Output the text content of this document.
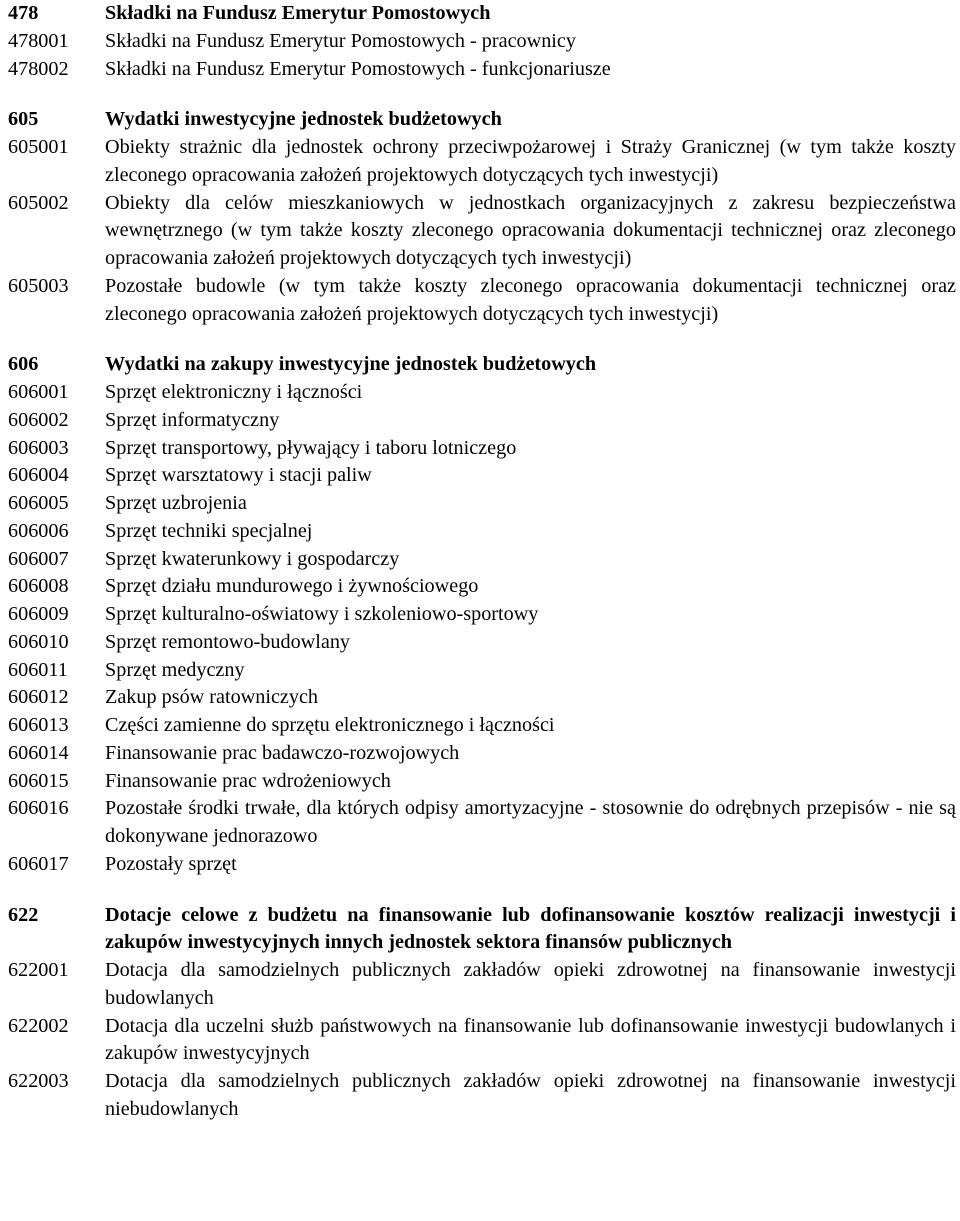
478	Składki na Fundusz Emerytur Pomostowych
478001	Składki na Fundusz Emerytur Pomostowych - pracownicy
478002	Składki na Fundusz Emerytur Pomostowych - funkcjonariusze
605	Wydatki inwestycyjne jednostek budżetowych
605001	Obiekty strażnic dla jednostek ochrony przeciwpożarowej i Straży Granicznej (w tym także koszty zleconego opracowania założeń projektowych dotyczących tych inwestycji)
605002	Obiekty dla celów mieszkaniowych w jednostkach organizacyjnych z zakresu bezpieczeństwa wewnętrznego (w tym także koszty zleconego opracowania dokumentacji technicznej oraz zleconego opracowania założeń projektowych dotyczących tych inwestycji)
605003	Pozostałe budowle (w tym także koszty zleconego opracowania dokumentacji technicznej oraz zleconego opracowania założeń projektowych dotyczących tych inwestycji)
606	Wydatki na zakupy inwestycyjne jednostek budżetowych
606001	Sprzęt elektroniczny i łączności
606002	Sprzęt informatyczny
606003	Sprzęt transportowy, pływający i taboru lotniczego
606004	Sprzęt warsztatowy i stacji paliw
606005	Sprzęt uzbrojenia
606006	Sprzęt techniki specjalnej
606007	Sprzęt kwaterunkowy i gospodarczy
606008	Sprzęt działu mundurowego i żywnościowego
606009	Sprzęt kulturalno-oświatowy i szkoleniowo-sportowy
606010	Sprzęt remontowo-budowlany
606011	Sprzęt medyczny
606012	Zakup psów ratowniczych
606013	Części zamienne do sprzętu elektronicznego i łączności
606014	Finansowanie prac badawczo-rozwojowych
606015	Finansowanie prac wdrożeniowych
606016	Pozostałe środki trwałe, dla których odpisy amortyzacyjne - stosownie do odrębnych przepisów - nie są dokonywane jednorazowo
606017	Pozostały sprzęt
622	Dotacje celowe z budżetu na finansowanie lub dofinansowanie kosztów realizacji inwestycji i zakupów inwestycyjnych innych jednostek sektora finansów publicznych
622001	Dotacja dla samodzielnych publicznych zakładów opieki zdrowotnej na finansowanie inwestycji budowlanych
622002	Dotacja dla uczelni służb państwowych na finansowanie lub dofinansowanie inwestycji budowlanych i zakupów inwestycyjnych
622003	Dotacja dla samodzielnych publicznych zakładów opieki zdrowotnej na finansowanie inwestycji niebudowlanych
